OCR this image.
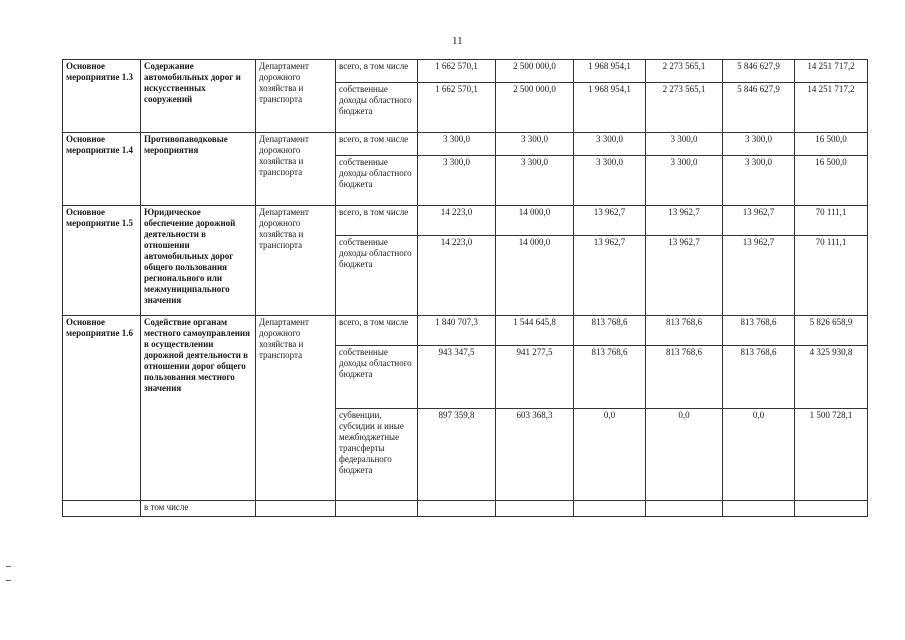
11
Основное мероприятие 1.3	Содержание автомобильных дорог и искусственных сооружений	Департамент дорожного хозяйства и транспорта	всего, в том числе	1 662 570,1	2 500 000,0	1 968 954,1	2 273 565,1	5 846 627,9	14 251 717,2
			собственные доходы областного бюджета	1 662 570,1	2 500 000,0	1 968 954,1	2 273 565,1	5 846 627,9	14 251 717,2
Основное мероприятие 1.4	Противопаводковые мероприятия	Департамент дорожного хозяйства и транспорта	всего, в том числе	3 300,0	3 300,0	3 300,0	3 300,0	3 300,0	16 500,0
			собственные доходы областного бюджета	3 300,0	3 300,0	3 300,0	3 300,0	3 300,0	16 500,0
Основное мероприятие 1.5	Юридическое обеспечение дорожной деятельности в отношении автомобильных дорог общего пользования регионального или межмуниципального значения	Департамент дорожного хозяйства и транспорта	всего, в том числе	14 223,0	14 000,0	13 962,7	13 962,7	13 962,7	70 111,1
			собственные доходы областного бюджета	14 223,0	14 000,0	13 962,7	13 962,7	13 962,7	70 111,1
Основное мероприятие 1.6	Содействие органам местного самоуправления в осуществлении дорожной деятельности в отношении дорог общего пользования местного значения	Департамент дорожного хозяйства и транспорта	всего, в том числе	1 840 707,3	1 544 645,8	813 768,6	813 768,6	813 768,6	5 826 658,9
			собственные доходы областного бюджета	943 347,5	941 277,5	813 768,6	813 768,6	813 768,6	4 325 930,8
			субвенции, субсидии и иные межбюджетные трансферты федерального бюджета	897 359,8	603 368,3	0,0	0,0	0,0	1 500 728,1
	в том числе								
